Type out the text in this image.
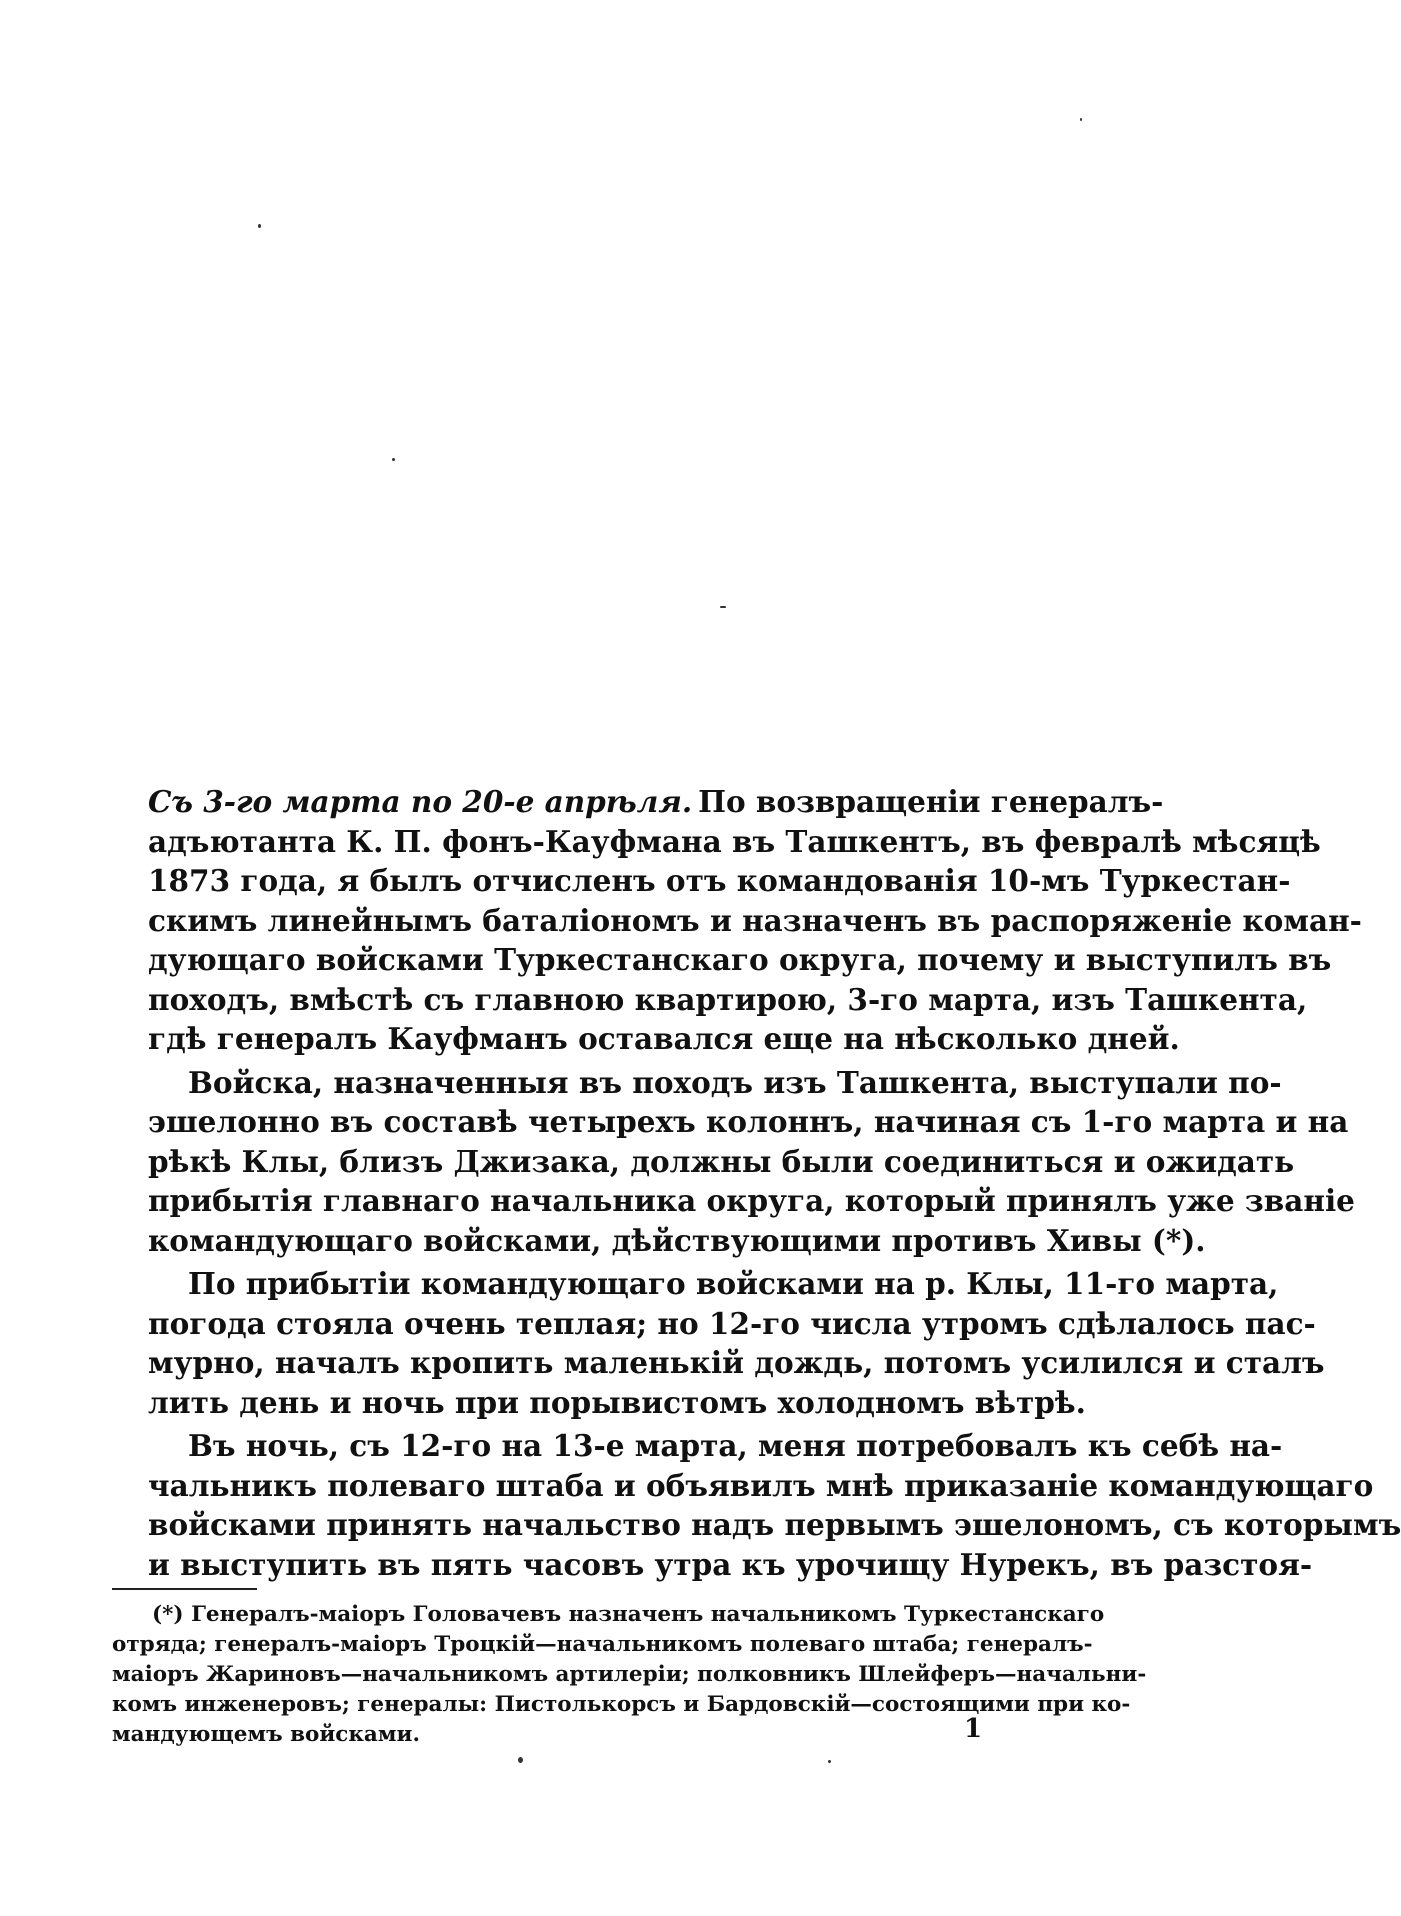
Съ 3-го марта по 20-е апрѣля. По возвращеніи генералъ-
адъютанта К. П. фонъ-Кауфмана въ Ташкентъ, въ февралѣ мѣсяцѣ
1873 года, я былъ отчисленъ отъ командованія 10-мъ Туркестан-
скимъ линейнымъ баталіономъ и назначенъ въ распоряженіе коман-
дующаго войсками Туркестанскаго округа, почему и выступилъ въ
походъ, вмѣстѣ съ главною квартирою, 3-го марта, изъ Ташкента,
гдѣ генералъ Кауфманъ оставался еще на нѣсколько дней.

Войска, назначенныя въ походъ изъ Ташкента, выступали по-
эшелонно въ составѣ четырехъ колоннъ, начиная съ 1-го марта и на
рѣкѣ Клы, близъ Джизака, должны были соединиться и ожидать
прибытія главнаго начальника округа, который принялъ уже званіе
командующаго войсками, дѣйствующими противъ Хивы (*).

По прибытіи командующаго войсками на р. Клы, 11-го марта,
погода стояла очень теплая; но 12-го числа утромъ сдѣлалось пас-
мурно, началъ кропить маленькій дождь, потомъ усилился и сталъ
лить день и ночь при порывистомъ холодномъ вѣтрѣ.

Въ ночь, съ 12-го на 13-е марта, меня потребовалъ къ себѣ на-
чальникъ полеваго штаба и объявилъ мнѣ приказаніе командующаго
войсками принять начальство надъ первымъ эшелономъ, съ которымъ
и выступить въ пять часовъ утра къ урочищу Нурекъ, въ разстоя-

(*) Генералъ-маіоръ Головачевъ назначенъ начальникомъ Туркестанскаго
отряда; генералъ-маіоръ Троцкій—начальникомъ полеваго штаба; генералъ-
маіоръ Жариновъ—начальникомъ артилеріи; полковникъ Шлейферъ—начальни-
комъ инженеровъ; генералы: Пистолькорсъ и Бардовскій—состоящими при ко-
мандующемъ войсками.	1
